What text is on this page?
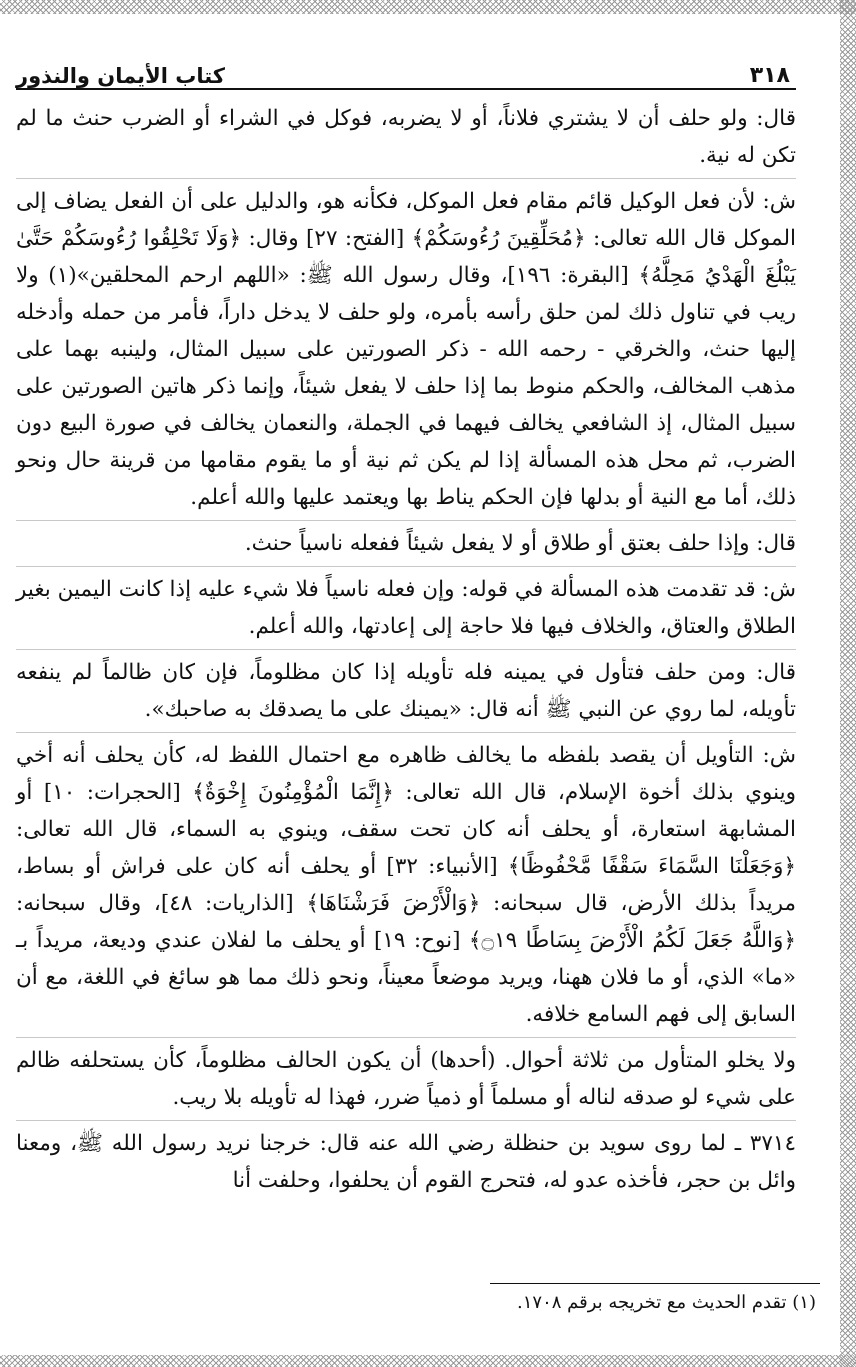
٣١٨
كتاب الأيمان والنذور

قال: ولو حلف أن لا يشتري فلاناً، أو لا يضربه، فوكل في الشراء أو الضرب حنث ما لم تكن له نية.

ش: لأن فعل الوكيل قائم مقام فعل الموكل، فكأنه هو، والدليل على أن الفعل يضاف إلى الموكل قال الله تعالى: ﴿مُحَلِّقِينَ رُءُوسَكُمْ﴾ [الفتح: ٢٧] وقال: ﴿وَلَا تَحْلِقُوا رُءُوسَكُمْ حَتَّىٰ يَبْلُغَ الْهَدْيُ مَحِلَّهُ﴾ [البقرة: ١٩٦]، وقال رسول الله ﷺ: «اللهم ارحم المحلقين»(١) ولا ريب في تناول ذلك لمن حلق رأسه بأمره، ولو حلف لا يدخل داراً، فأمر من حمله وأدخله إليها حنث، والخرقي - رحمه الله - ذكر الصورتين على سبيل المثال، ولينبه بهما على مذهب المخالف، والحكم منوط بما إذا حلف لا يفعل شيئاً، وإنما ذكر هاتين الصورتين على سبيل المثال، إذ الشافعي يخالف فيهما في الجملة، والنعمان يخالف في صورة البيع دون الضرب، ثم محل هذه المسألة إذا لم يكن ثم نية أو ما يقوم مقامها من قرينة حال ونحو ذلك، أما مع النية أو بدلها فإن الحكم يناط بها ويعتمد عليها والله أعلم.

قال: وإذا حلف بعتق أو طلاق أو لا يفعل شيئاً ففعله ناسياً حنث.

ش: قد تقدمت هذه المسألة في قوله: وإن فعله ناسياً فلا شيء عليه إذا كانت اليمين بغير الطلاق والعتاق، والخلاف فيها فلا حاجة إلى إعادتها، والله أعلم.

قال: ومن حلف فتأول في يمينه فله تأويله إذا كان مظلوماً، فإن كان ظالماً لم ينفعه تأويله، لما روي عن النبي ﷺ أنه قال: «يمينك على ما يصدقك به صاحبك».

ش: التأويل أن يقصد بلفظه ما يخالف ظاهره مع احتمال اللفظ له، كأن يحلف أنه أخي وينوي بذلك أخوة الإسلام، قال الله تعالى: ﴿إِنَّمَا الْمُؤْمِنُونَ إِخْوَةٌ﴾ [الحجرات: ١٠] أو المشابهة استعارة، أو يحلف أنه كان تحت سقف، وينوي به السماء، قال الله تعالى: ﴿وَجَعَلْنَا السَّمَاءَ سَقْفًا مَّحْفُوظًا﴾ [الأنبياء: ٣٢] أو يحلف أنه كان على فراش أو بساط، مريداً بذلك الأرض، قال سبحانه: ﴿وَالْأَرْضَ فَرَشْنَاهَا﴾ [الذاريات: ٤٨]، وقال سبحانه: ﴿وَاللَّهُ جَعَلَ لَكُمُ الْأَرْضَ بِسَاطًا ۝١٩﴾ [نوح: ١٩] أو يحلف ما لفلان عندي وديعة، مريداً بـ «ما» الذي، أو ما فلان ههنا، ويريد موضعاً معيناً، ونحو ذلك مما هو سائغ في اللغة، مع أن السابق إلى فهم السامع خلافه.

ولا يخلو المتأول من ثلاثة أحوال. (أحدها) أن يكون الحالف مظلوماً، كأن يستحلفه ظالم على شيء لو صدقه لناله أو مسلماً أو ذمياً ضرر، فهذا له تأويله بلا ريب.

٣٧١٤ ـ لما روى سويد بن حنظلة رضي الله عنه قال: خرجنا نريد رسول الله ﷺ، ومعنا وائل بن حجر، فأخذه عدو له، فتحرج القوم أن يحلفوا، وحلفت أنا

(١) تقدم الحديث مع تخريجه برقم ١٧٠٨.
